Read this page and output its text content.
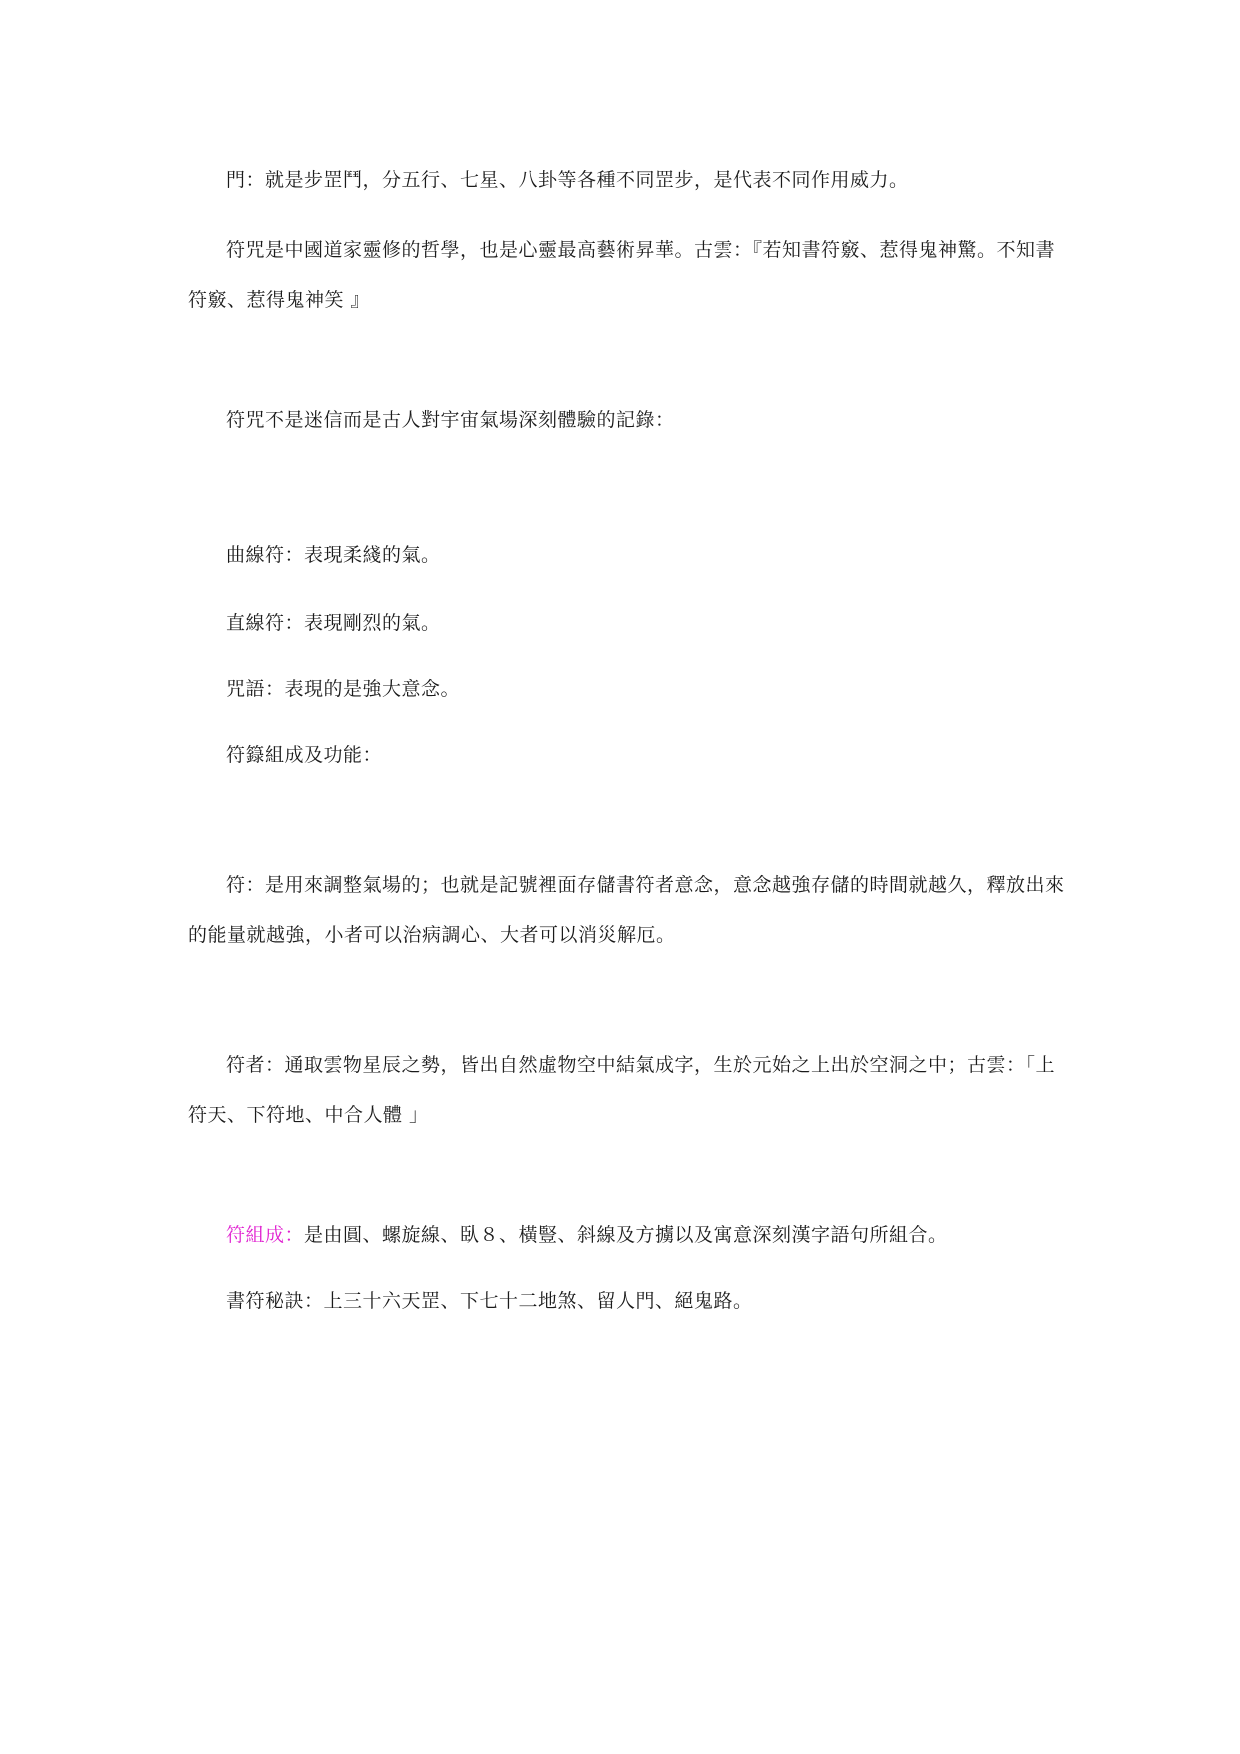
門：就是步罡鬥，分五行、七星、八卦等各種不同罡步，是代表不同作用威力。

符咒是中國道家靈修的哲學，也是心靈最高藝術昇華。古雲：『若知書符竅、惹得鬼神驚。不知書符竅、惹得鬼神笑 』

符咒不是迷信而是古人對宇宙氣場深刻體驗的記錄：

曲線符：表現柔綫的氣。

直線符：表現剛烈的氣。

咒語：表現的是強大意念。

符籙組成及功能：

符：是用來調整氣場的；也就是記號裡面存儲書符者意念，意念越強存儲的時間就越久，釋放出來的能量就越強，小者可以治病調心、大者可以消災解厄。

符者：通取雲物星辰之勢，皆出自然虛物空中結氣成字，生於元始之上出於空洞之中；古雲：「上符天、下符地、中合人體 」

符組成：是由圓、螺旋線、臥８、橫豎、斜線及方擄以及寓意深刻漢字語句所組合。

書符秘訣：上三十六天罡、下七十二地煞、留人門、絕鬼路。
